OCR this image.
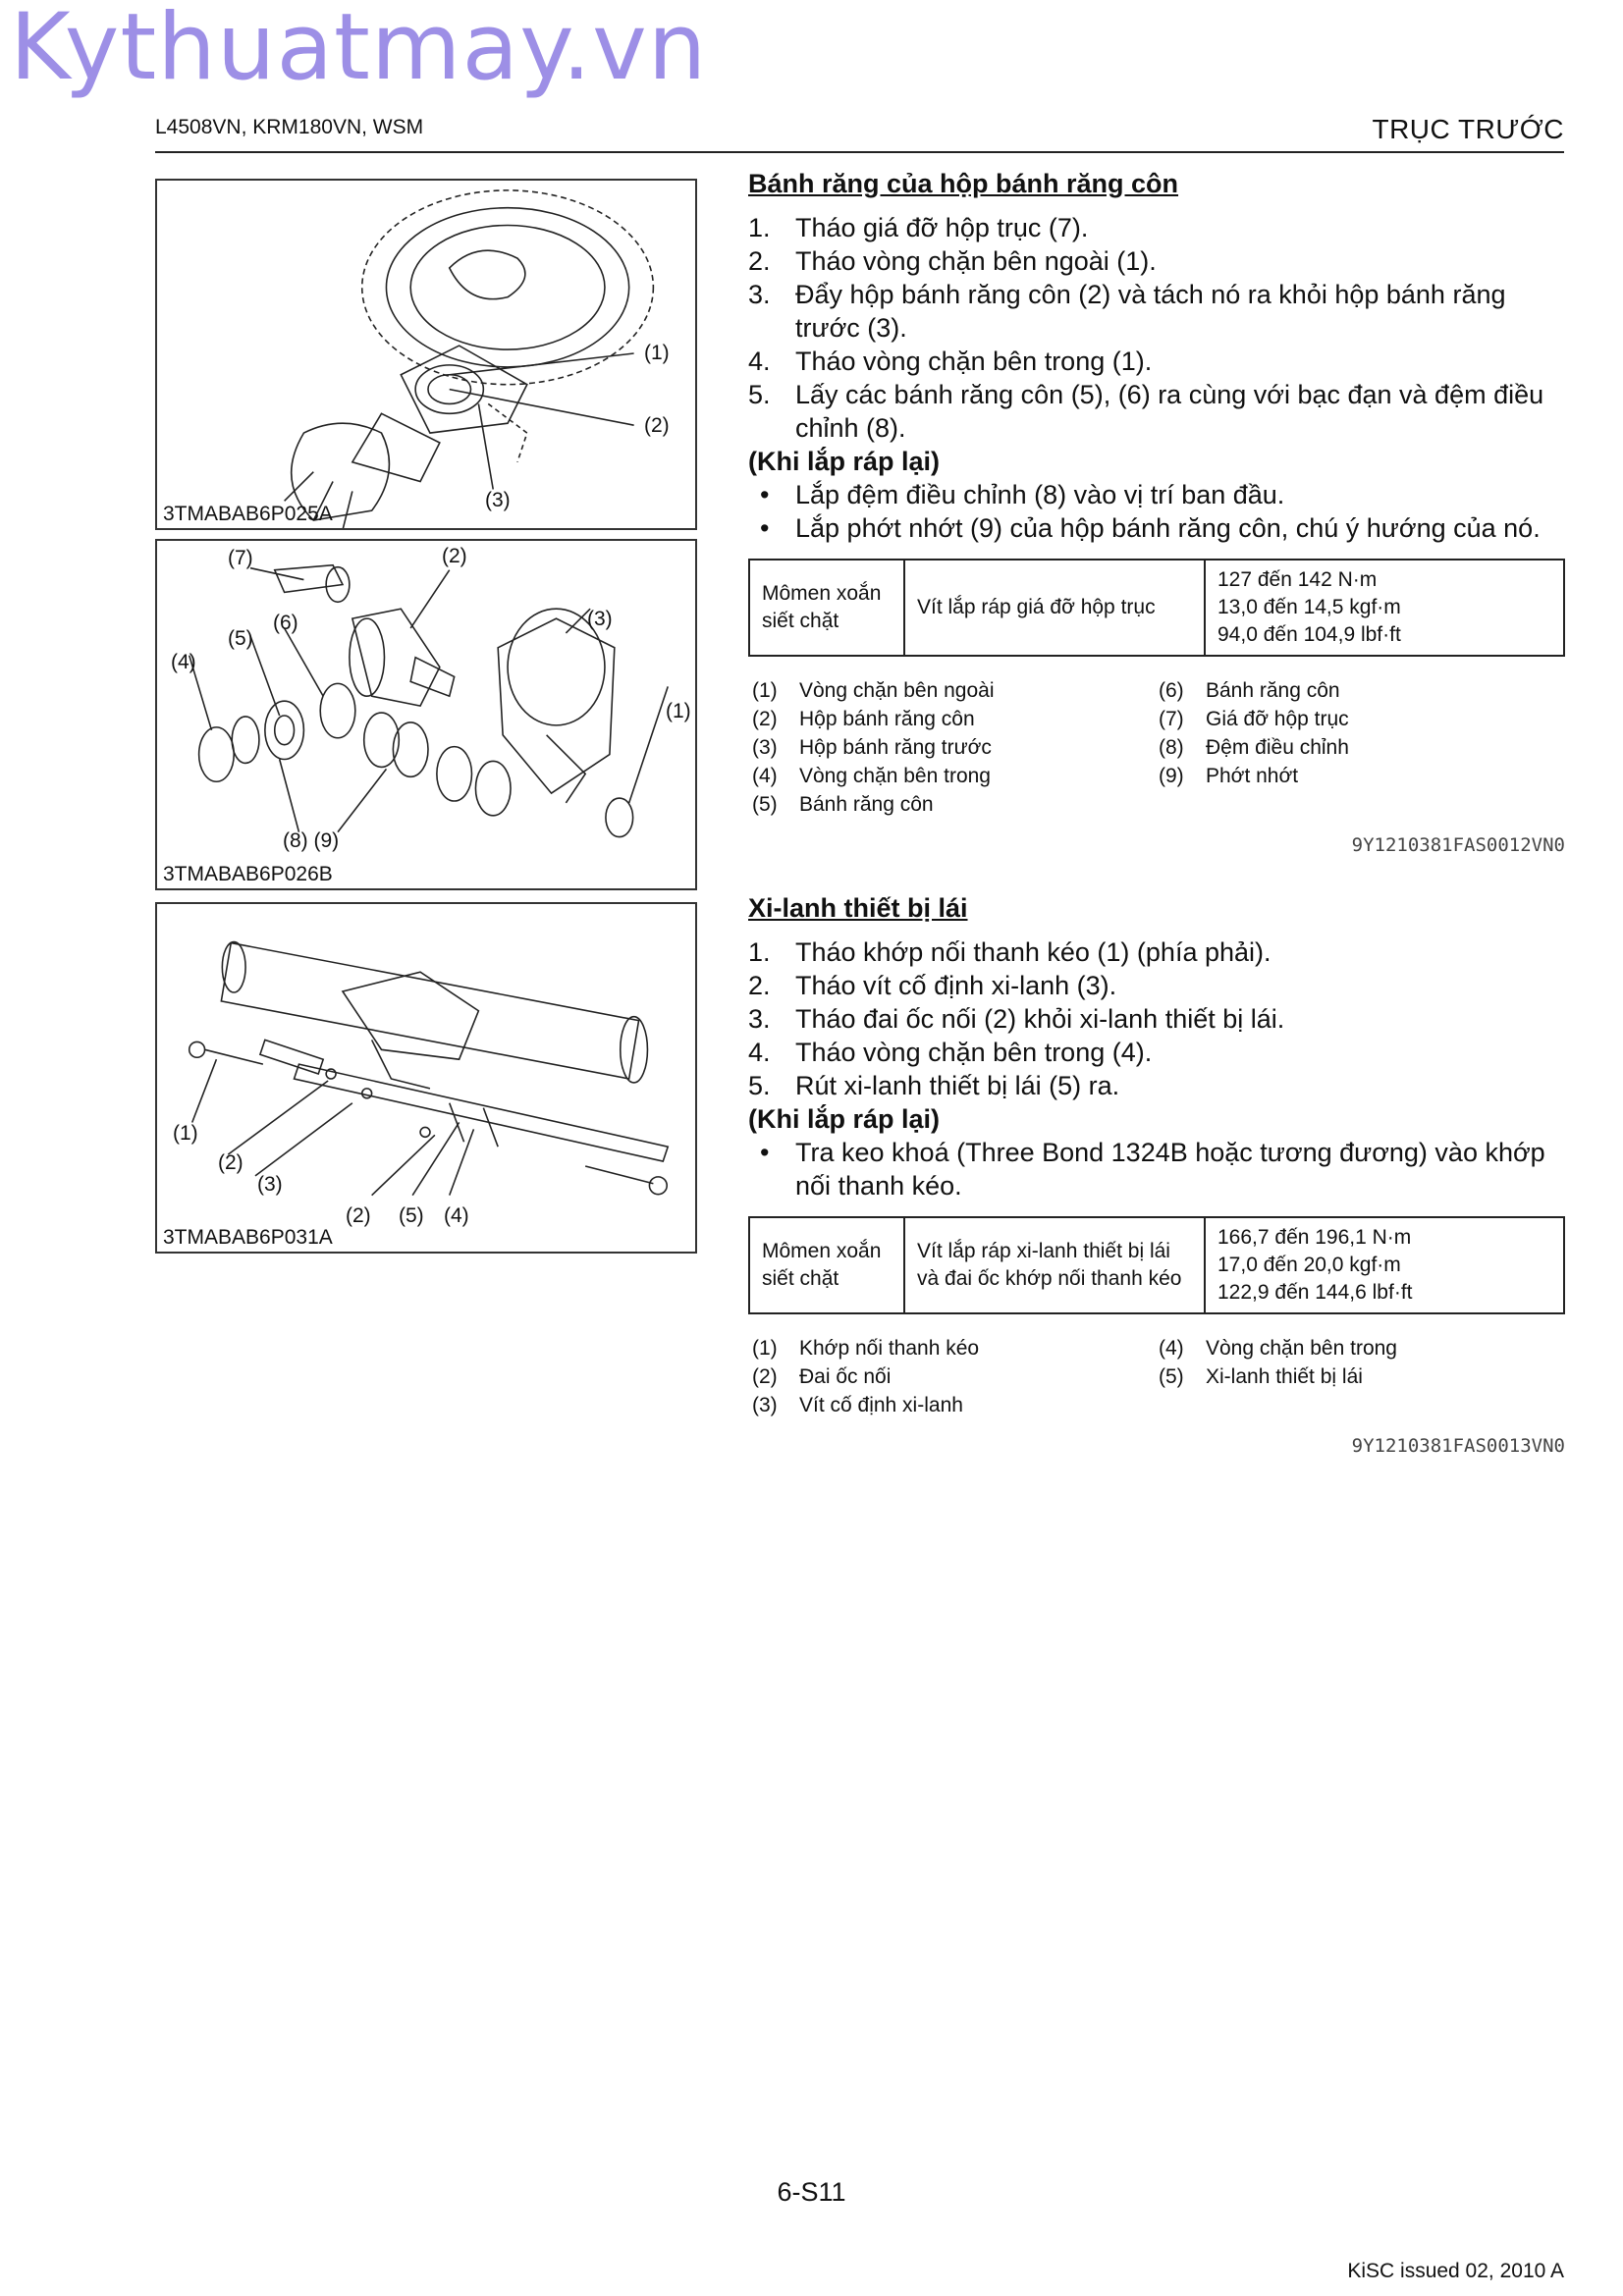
Kythuatmay.vn
L4508VN, KRM180VN, WSM	TRỤC TRƯỚC
(1)
(2)
(3)
3TMABAB6P025A
(7)	(2)
(6)
(5)
(3)
(4)
(1)
(8) (9)
3TMABAB6P026B
(1)
(2)
(3)
(2) (5) (4)
3TMABAB6P031A
Bánh răng của hộp bánh răng côn
1. Tháo giá đỡ hộp trục (7).
2. Tháo vòng chặn bên ngoài (1).
3. Đẩy hộp bánh răng côn (2) và tách nó ra khỏi hộp bánh răng trước (3).
4. Tháo vòng chặn bên trong (1).
5. Lấy các bánh răng côn (5), (6) ra cùng với bạc đạn và đệm điều chỉnh (8).
(Khi lắp ráp lại)
• Lắp đệm điều chỉnh (8) vào vị trí ban đầu.
• Lắp phớt nhớt (9) của hộp bánh răng côn, chú ý hướng của nó.
Mômen xoắn siết chặt	Vít lắp ráp giá đỡ hộp trục	
127 đến 142 N·m
13,0 đến 14,5 kgf·m
94,0 đến 104,9 lbf·ft
(1)	Vòng chặn bên ngoài
(2)	Hộp bánh răng côn
(3)	Hộp bánh răng trước
(4)	Vòng chặn bên trong
(5)	Bánh răng côn
(6)	Bánh răng côn
(7)	Giá đỡ hộp trục
(8)	Đệm điều chỉnh
(9)	Phớt nhớt
9Y1210381FAS0012VN0
Xi-lanh thiết bị lái
1. Tháo khớp nối thanh kéo (1) (phía phải).
2. Tháo vít cố định xi-lanh (3).
3. Tháo đai ốc nối (2) khỏi xi-lanh thiết bị lái.
4. Tháo vòng chặn bên trong (4).
5. Rút xi-lanh thiết bị lái (5) ra.
(Khi lắp ráp lại)
• Tra keo khoá (Three Bond 1324B hoặc tương đương) vào khớp nối thanh kéo.
Mômen xoắn siết chặt	Vít lắp ráp xi-lanh thiết bị lái và đai ốc khớp nối thanh kéo	
166,7 đến 196,1 N·m
17,0 đến 20,0 kgf·m
122,9 đến 144,6 lbf·ft
(1)	Khớp nối thanh kéo
(2)	Đai ốc nối
(3)	Vít cố định xi-lanh
(4)	Vòng chặn bên trong
(5)	Xi-lanh thiết bị lái
9Y1210381FAS0013VN0
6-S11
KiSC issued 02, 2010 A
